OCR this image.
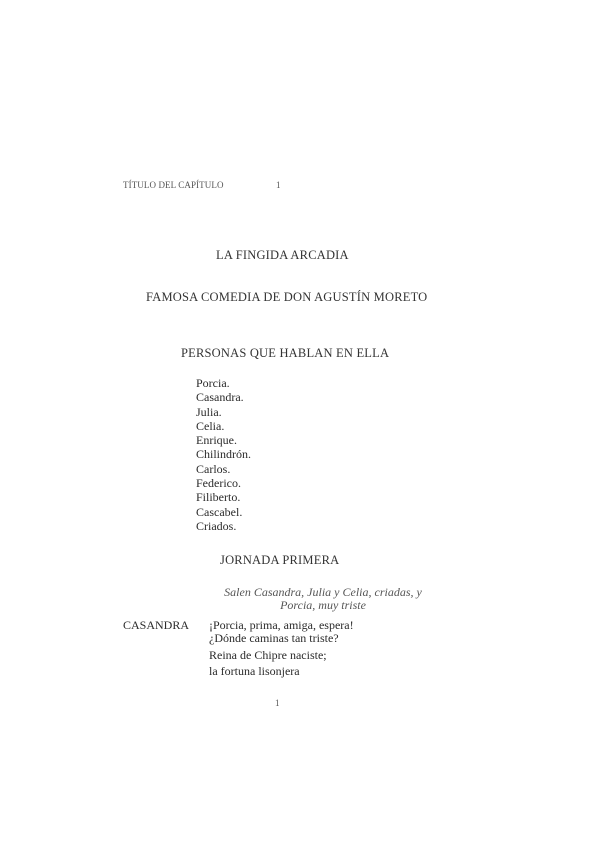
TÍTULO DEL CAPÍTULO	1
LA FINGIDA ARCADIA
FAMOSA COMEDIA DE DON AGUSTÍN MORETO
PERSONAS QUE HABLAN EN ELLA
Porcia.
Casandra.
Julia.
Celia.
Enrique.
Chilindrón.
Carlos.
Federico.
Filiberto.
Cascabel.
Criados.
JORNADA PRIMERA
Salen Casandra, Julia y Celia, criadas, y
Porcia, muy triste
CASANDRA ¡Porcia, prima, amiga, espera!
¿Dónde caminas tan triste?
Reina de Chipre naciste;
la fortuna lisonjera
1
